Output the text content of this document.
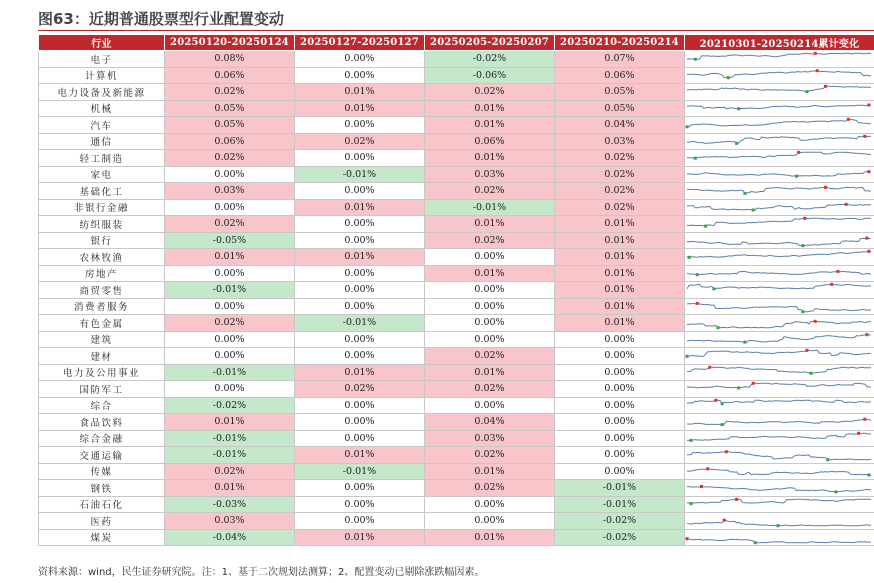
图63：近期普通股票型行业配置变动
行业	20250120-20250124	20250127-20250127	20250205-20250207	20250210-20250214	20210301-20250214累计变化
电子	0.08%	0.00%	-0.02%	0.07%	

计算机	0.06%	0.00%	-0.06%	0.06%	

电力设备及新能源	0.02%	0.01%	0.02%	0.05%	

机械	0.05%	0.01%	0.01%	0.05%	

汽车	0.05%	0.00%	0.01%	0.04%	

通信	0.06%	0.02%	0.06%	0.03%	

轻工制造	0.02%	0.00%	0.01%	0.02%	

家电	0.00%	-0.01%	0.03%	0.02%	

基础化工	0.03%	0.00%	0.02%	0.02%	

非银行金融	0.00%	0.01%	-0.01%	0.02%	

纺织服装	0.02%	0.00%	0.01%	0.01%	

银行	-0.05%	0.00%	0.02%	0.01%	

农林牧渔	0.01%	0.01%	0.00%	0.01%	

房地产	0.00%	0.00%	0.01%	0.01%	

商贸零售	-0.01%	0.00%	0.00%	0.01%	

消费者服务	0.00%	0.00%	0.00%	0.01%	

有色金属	0.02%	-0.01%	0.00%	0.01%	

建筑	0.00%	0.00%	0.00%	0.00%	

建材	0.00%	0.00%	0.02%	0.00%	

电力及公用事业	-0.01%	0.01%	0.01%	0.00%	

国防军工	0.00%	0.02%	0.02%	0.00%	

综合	-0.02%	0.00%	0.00%	0.00%	

食品饮料	0.01%	0.00%	0.04%	0.00%	

综合金融	-0.01%	0.00%	0.03%	0.00%	

交通运输	-0.01%	0.01%	0.02%	0.00%	

传媒	0.02%	-0.01%	0.01%	0.00%	

钢铁	0.01%	0.00%	0.02%	-0.01%	

石油石化	-0.03%	0.00%	0.00%	-0.01%	

医药	0.03%	0.00%	0.00%	-0.02%	

煤炭	-0.04%	0.01%	0.01%	-0.02%	
资料来源：wind，民生证券研究院。注：1、基于二次规划法测算；2、配置变动已剔除涨跌幅因素。
